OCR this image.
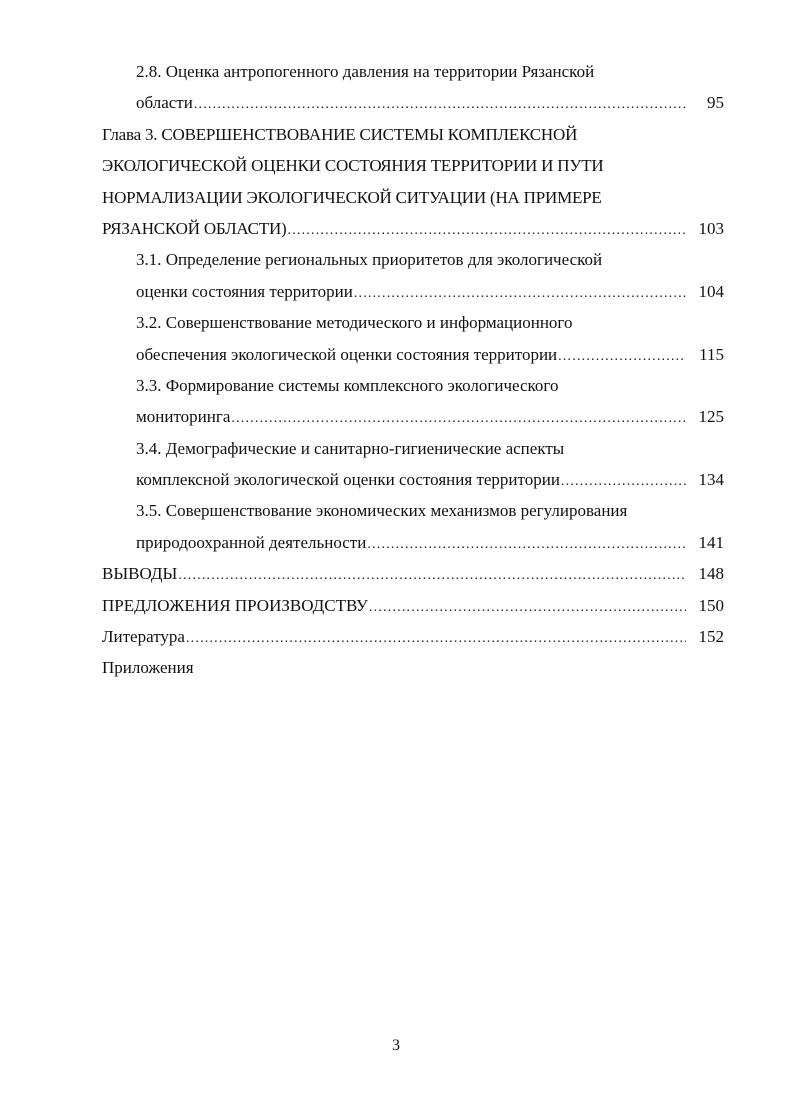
2.8. Оценка антропогенного давления на территории Рязанской
области .....	95
Глава 3. СОВЕРШЕНСТВОВАНИЕ СИСТЕМЫ КОМПЛЕКСНОЙ
ЭКОЛОГИЧЕСКОЙ ОЦЕНКИ СОСТОЯНИЯ ТЕРРИТОРИИ И ПУТИ
НОРМАЛИЗАЦИИ ЭКОЛОГИЧЕСКОЙ СИТУАЦИИ (НА ПРИМЕРЕ
РЯЗАНСКОЙ ОБЛАСТИ) .....	103
3.1. Определение региональных приоритетов для экологической
оценки состояния территории .....	104
3.2. Совершенствование методического и информационного
обеспечения экологической оценки состояния территории .....	115
3.3. Формирование системы комплексного экологического
мониторинга .....	125
3.4. Демографические и санитарно-гигиенические аспекты
комплексной экологической оценки состояния территории .....	134
3.5. Совершенствование экономических механизмов регулирования
природоохранной деятельности .....	141
ВЫВОДЫ .....	148
ПРЕДЛОЖЕНИЯ ПРОИЗВОДСТВУ .....	150
Литература .....	152
Приложения
3
